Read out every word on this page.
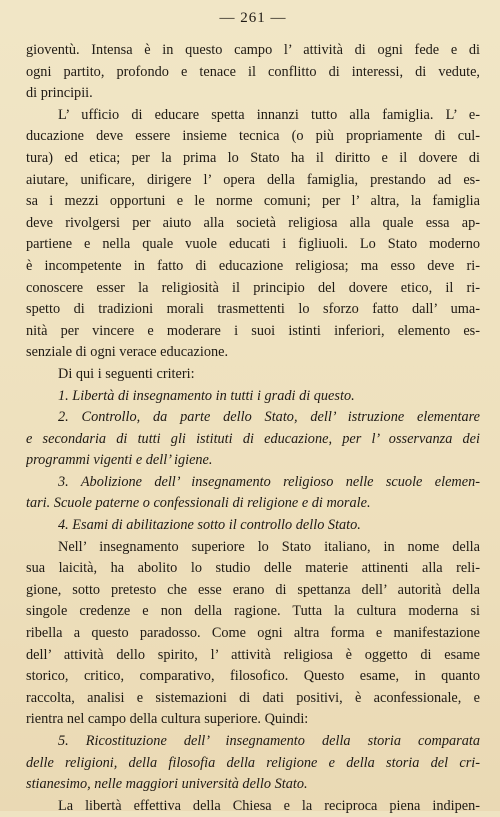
— 261 —
gioventù. Intensa è in questo campo l’ attività di ogni fede e di
ogni partito, profondo e tenace il conflitto di interessi, di vedute,
di principii.
L’ ufficio di educare spetta innanzi tutto alla famiglia. L’ e-
ducazione deve essere insieme tecnica (o più propriamente di cul-
tura) ed etica; per la prima lo Stato ha il diritto e il dovere di
aiutare, unificare, dirigere l’ opera della famiglia, prestando ad es-
sa i mezzi opportuni e le norme comuni; per l’ altra, la famiglia
deve rivolgersi per aiuto alla società religiosa alla quale essa ap-
partiene e nella quale vuole educati i figliuoli. Lo Stato moderno
è incompetente in fatto di educazione religiosa; ma esso deve ri-
conoscere esser la religiosità il principio del dovere etico, il ri-
spetto di tradizioni morali trasmettenti lo sforzo fatto dall’ uma-
nità per vincere e moderare i suoi istinti inferiori, elemento es-
senziale di ogni verace educazione.
Di qui i seguenti criteri:
1. Libertà di insegnamento in tutti i gradi di questo.
2. Controllo, da parte dello Stato, dell’ istruzione elementare
e secondaria di tutti gli istituti di educazione, per l’ osservanza dei
programmi vigenti e dell’ igiene.
3. Abolizione dell’ insegnamento religioso nelle scuole elemen-
tari. Scuole paterne o confessionali di religione e di morale.
4. Esami di abilitazione sotto il controllo dello Stato.
Nell’ insegnamento superiore lo Stato italiano, in nome della
sua laicità, ha abolito lo studio delle materie attinenti alla reli-
gione, sotto pretesto che esse erano di spettanza dell’ autorità della
singole credenze e non della ragione. Tutta la cultura moderna si
ribella a questo paradosso. Come ogni altra forma e manifestazione
dell’ attività dello spirito, l’ attività religiosa è oggetto di esame
storico, critico, comparativo, filosofico. Questo esame, in quanto
raccolta, analisi e sistemazioni di dati positivi, è aconfessionale, e
rientra nel campo della cultura superiore. Quindi:
5. Ricostituzione dell’ insegnamento della storia comparata
delle religioni, della filosofia della religione e della storia del cri-
stianesimo, nelle maggiori università dello Stato.
La libertà effettiva della Chiesa e la reciproca piena indipen-
